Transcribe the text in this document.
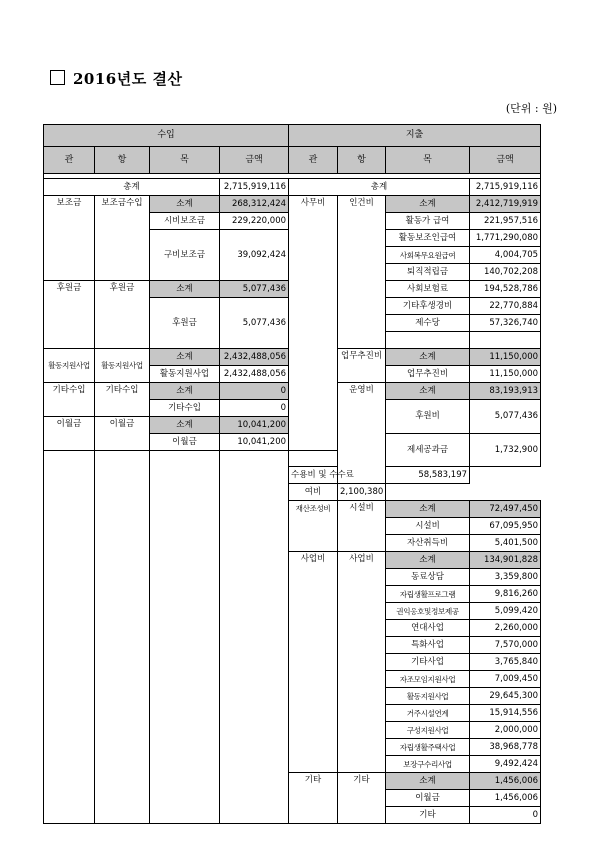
2016년도 결산
(단위 : 원)
수입				지출			
관	항	목	금액	관	항	목	금액

총계			2,715,919,116	총계			2,715,919,116
보조금	보조금수입	소계	268,312,424	사무비	인건비	소계	2,412,719,919
		시비보조금	229,220,000			활동가 급여	221,957,516
		구비보조금	39,092,424			활동보조인급여	1,771,290,080
						사회복무요원급여	4,004,705
						퇴직적립금	140,702,208
후원금	후원금	소계	5,077,436			사회보험료	194,528,786
		후원금	5,077,436			기타후생경비	22,770,884
						제수당	57,326,740

활동지원사업	활동지원사업	소계	2,432,488,056		업무추진비	소계	11,150,000
		활동지원사업	2,432,488,056			업무추진비	11,150,000
기타수입	기타수입	소계	0		운영비	소계	83,193,913
		기타수입	0			후원비	5,077,436
이월금	이월금	소계	10,041,200				
		이월금	10,041,200			제세공과금	1,732,900

				수용비 및 수수료		58,583,197	
				여비	2,100,380		
				재산조성비	시설비	소계	72,497,450
						시설비	67,095,950
						자산취득비	5,401,500
				사업비	사업비	소계	134,901,828
						동료상담	3,359,800
						자립생활프로그램	9,816,260
						권익옹호및정보제공	5,099,420
						연대사업	2,260,000
						특화사업	7,570,000
						기타사업	3,765,840
						자조모임지원사업	7,009,450
						활동지원사업	29,645,300
						거주시설연계	15,914,556
						구성지원사업	2,000,000
						자립생활주택사업	38,968,778
						보장구수리사업	9,492,424
				기타	기타	소계	1,456,006
						이월금	1,456,006
						기타	0
